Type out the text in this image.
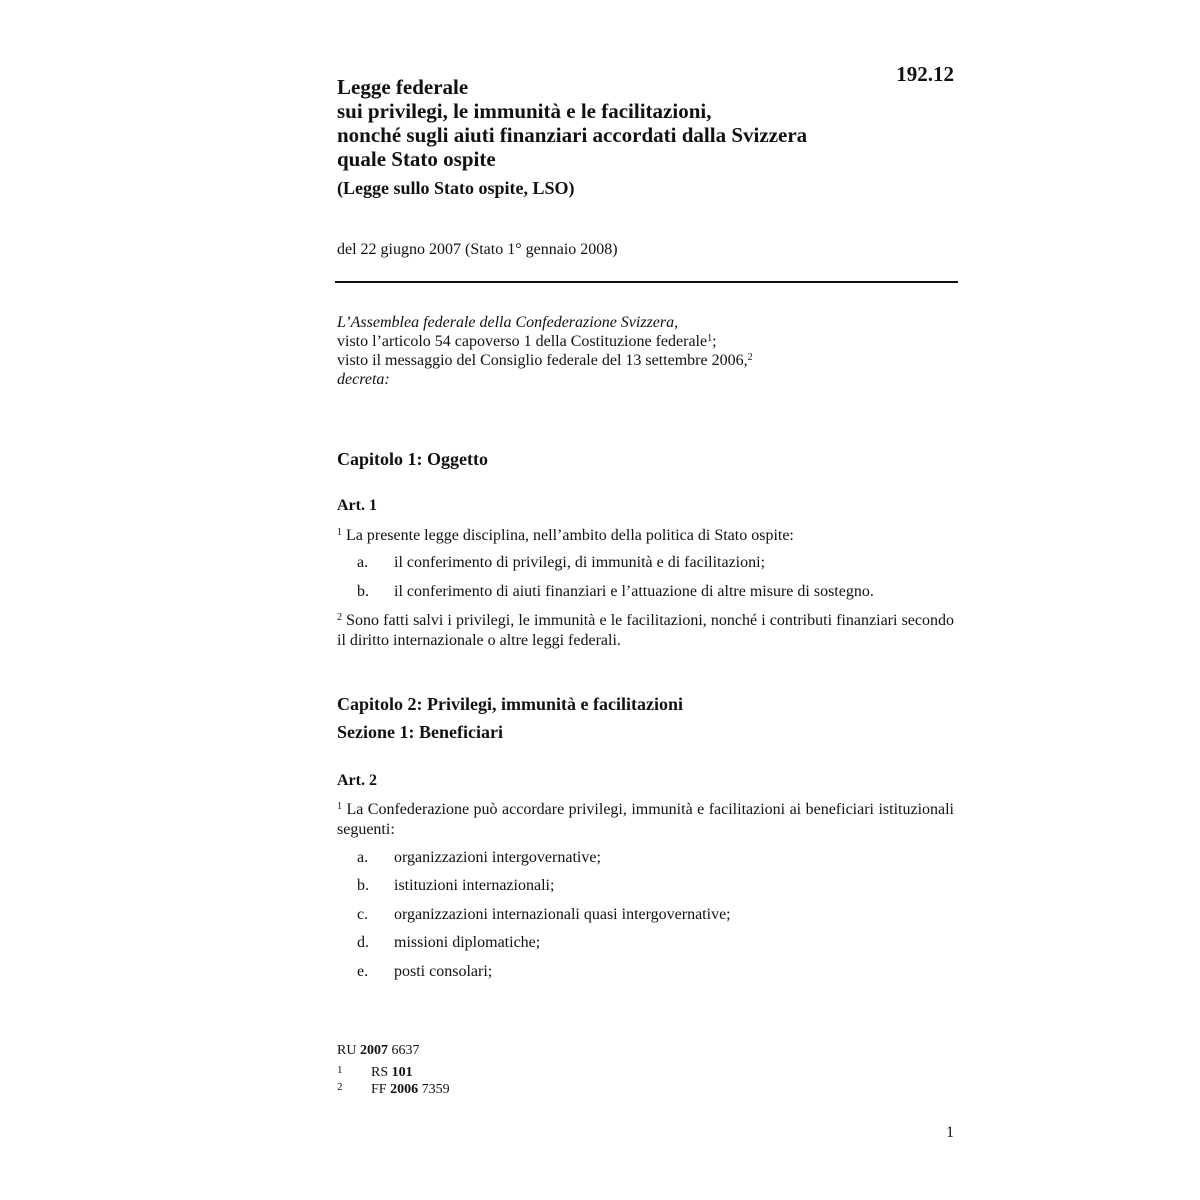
192.12
Legge federale
sui privilegi, le immunità e le facilitazioni,
nonché sugli aiuti finanziari accordati dalla Svizzera
quale Stato ospite
(Legge sullo Stato ospite, LSO)
del 22 giugno 2007 (Stato 1° gennaio 2008)
L’Assemblea federale della Confederazione Svizzera,
visto l’articolo 54 capoverso 1 della Costituzione federale$^1$;
visto il messaggio del Consiglio federale del 13 settembre 2006,$^2$
decreta:
Capitolo 1: Oggetto
Art. 1
$^1$ La presente legge disciplina, nell’ambito della politica di Stato ospite:
a. il conferimento di privilegi, di immunità e di facilitazioni;
b. il conferimento di aiuti finanziari e l’attuazione di altre misure di sostegno.
$^2$ Sono fatti salvi i privilegi, le immunità e le facilitazioni, nonché i contributi finanziari secondo il diritto internazionale o altre leggi federali.
Capitolo 2: Privilegi, immunità e facilitazioni
Sezione 1: Beneficiari
Art. 2
$^1$ La Confederazione può accordare privilegi, immunità e facilitazioni ai beneficiari istituzionali seguenti:
a. organizzazioni intergovernative;
b. istituzioni internazionali;
c. organizzazioni internazionali quasi intergovernative;
d. missioni diplomatiche;
e. posti consolari;
RU 2007 6637
1 RS 101
2 FF 2006 7359
1
